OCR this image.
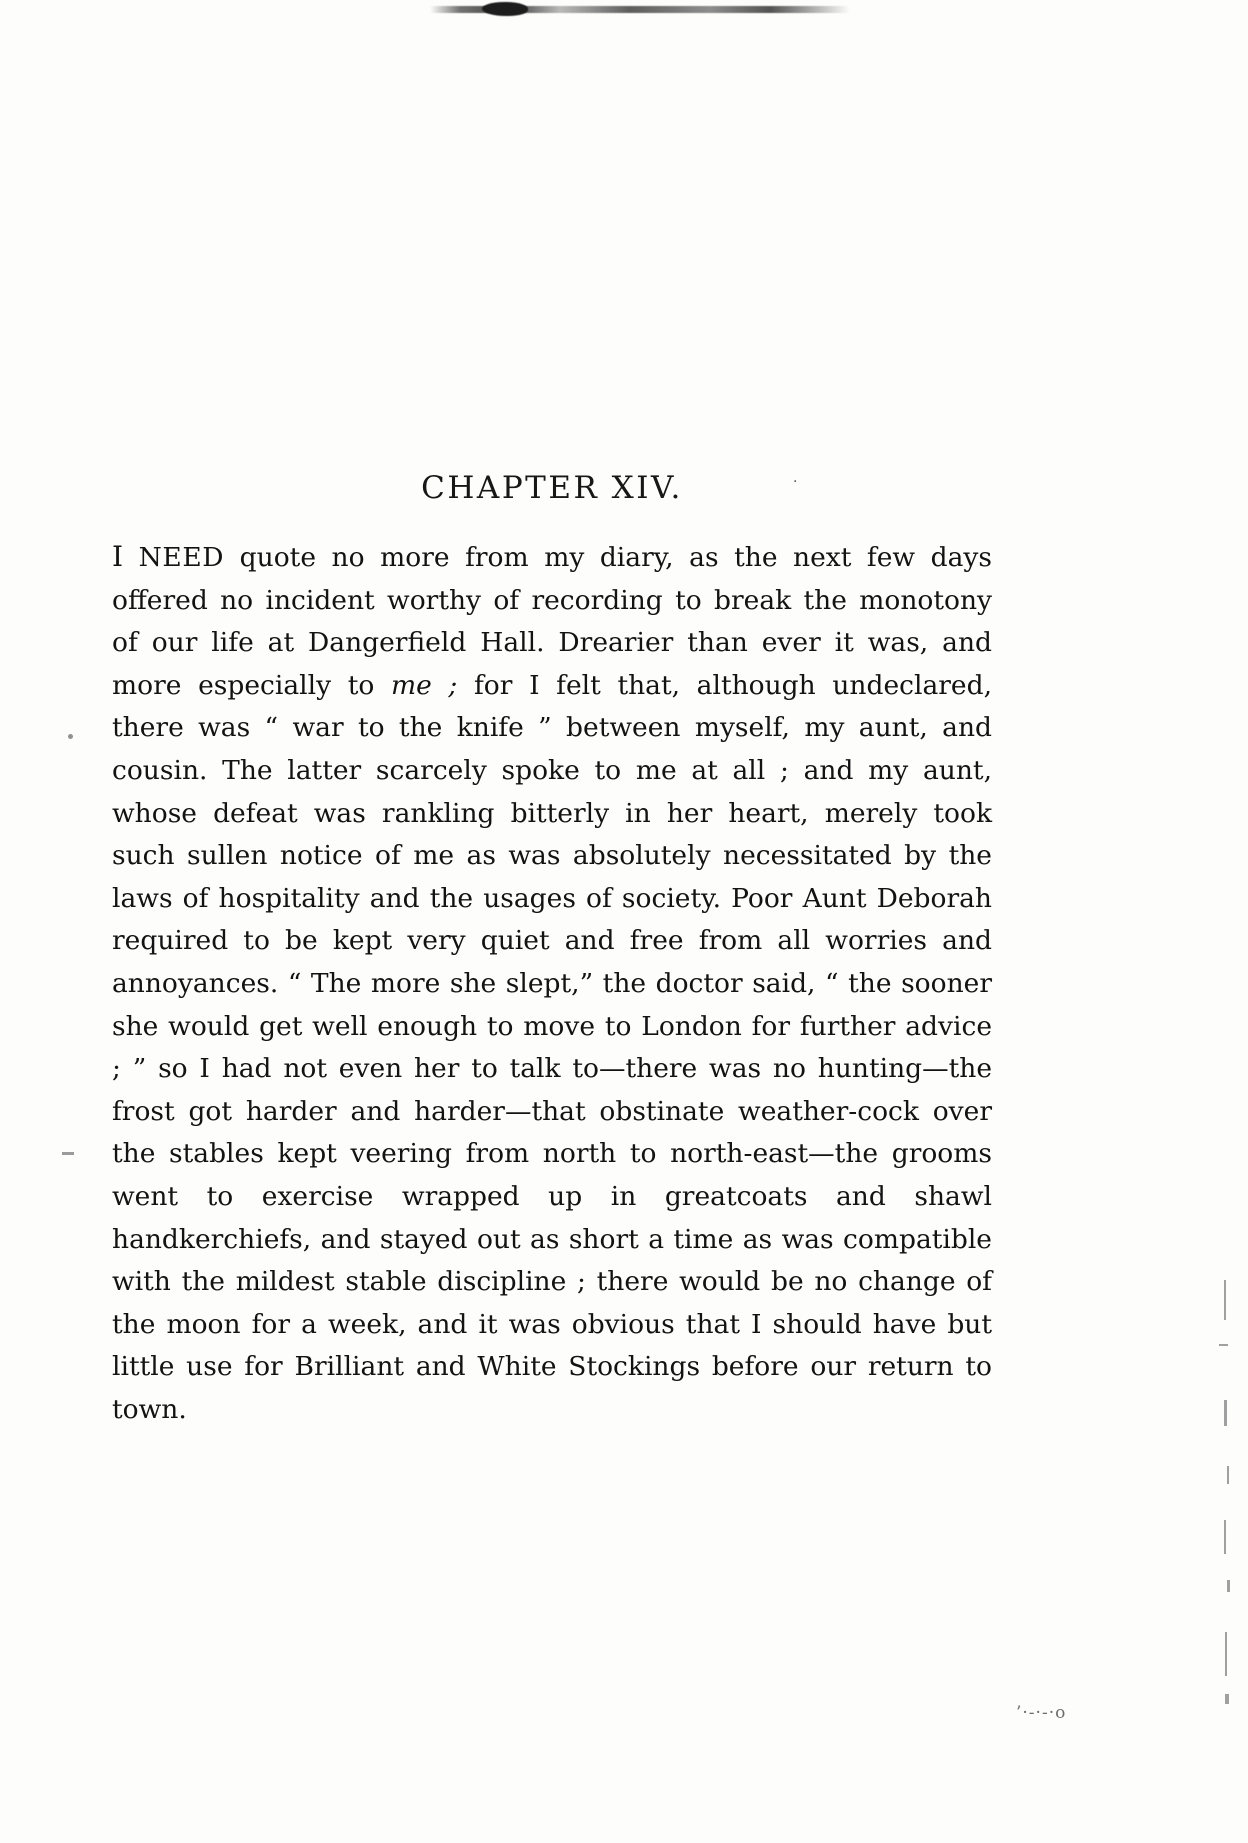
CHAPTER XIV.	·

I NEED quote no more from my diary, as the next few days offered no incident worthy of recording to break the monotony of our life at Dangerfield Hall. Drearier than ever it was, and more especially to me ; for I felt that, although undeclared, there was “ war to the knife ” between myself, my aunt, and cousin. The latter scarcely spoke to me at all ; and my aunt, whose defeat was rankling bitterly in her heart, merely took such sullen notice of me as was absolutely necessitated by the laws of hospitality and the usages of society. Poor Aunt Deborah required to be kept very quiet and free from all worries and annoyances. “ The more she slept,” the doctor said, “ the sooner she would get well enough to move to London for further advice ; ” so I had not even her to talk to—there was no hunting—the frost got harder and harder—that obstinate weather-cock over the stables kept veering from north to north-east—the grooms went to exercise wrapped up in greatcoats and shawl handkerchiefs, and stayed out as short a time as was compatible with the mildest stable discipline ; there would be no change of the moon for a week, and it was obvious that I should have but little use for Brilliant and White Stockings before our return to town.

’·-·-·o
